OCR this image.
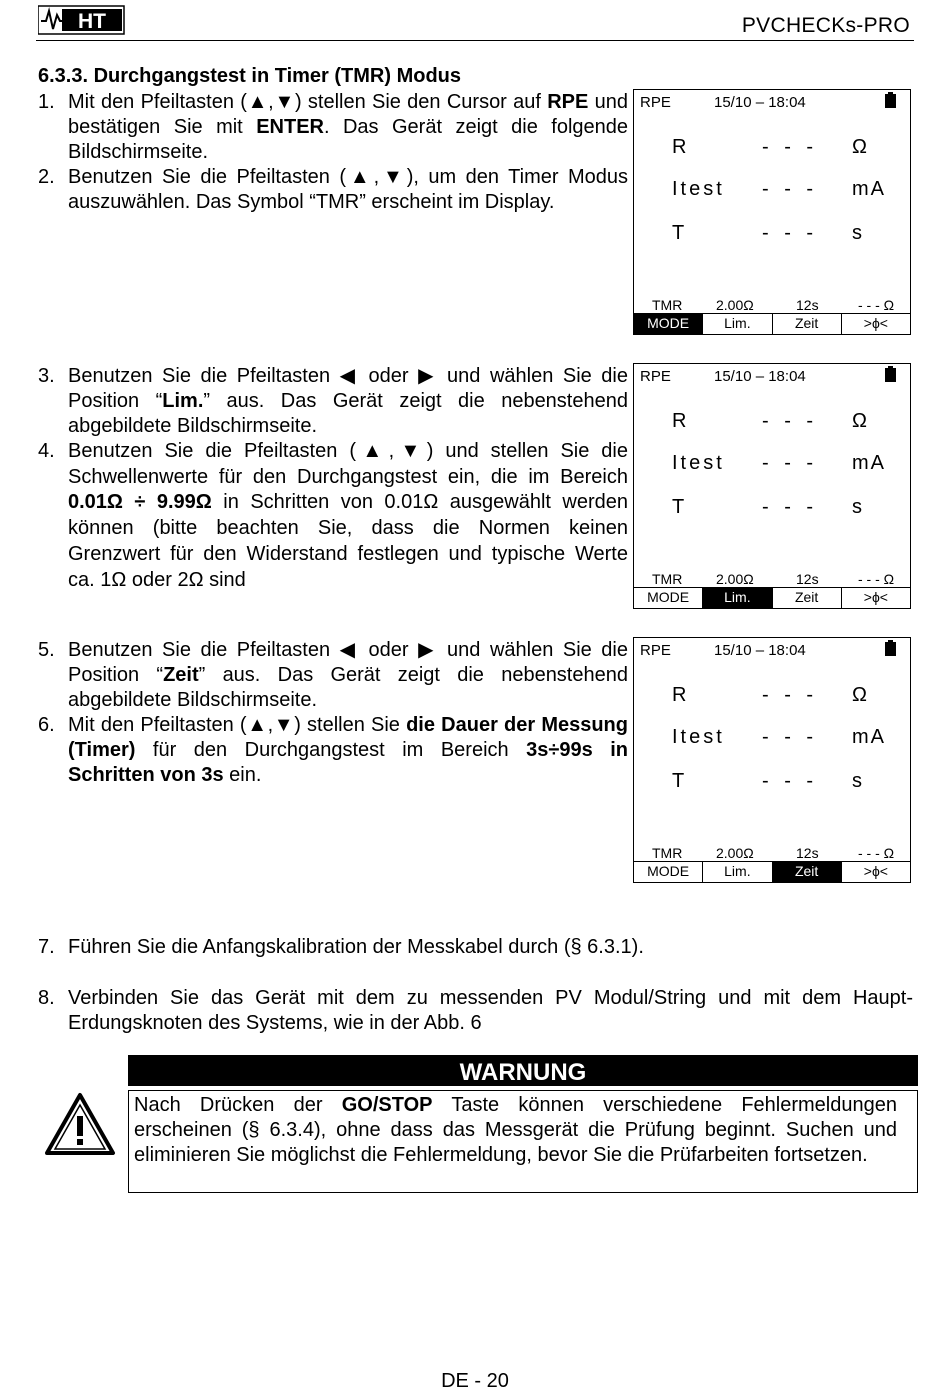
HT	PVCHECKs-PRO
6.3.3. Durchgangstest in Timer (TMR) Modus
1. Mit den Pfeiltasten (▲,▼) stellen Sie den Cursor auf RPE und bestätigen Sie mit ENTER. Das Gerät zeigt die folgende Bildschirmseite.
2. Benutzen Sie die Pfeiltasten (▲,▼), um den Timer Modus auszuwählen. Das Symbol “TMR” erscheint im Display.
3. Benutzen Sie die Pfeiltasten ◀ oder ▶ und wählen Sie die Position “Lim.” aus. Das Gerät zeigt die nebenstehend abgebildete Bildschirmseite.
4. Benutzen Sie die Pfeiltasten (▲,▼) und stellen Sie die Schwellenwerte für den Durchgangstest ein, die im Bereich 0.01Ω ÷ 9.99Ω in Schritten von 0.01Ω ausgewählt werden können (bitte beachten Sie, dass die Normen keinen Grenzwert für den Widerstand festlegen und typische Werte ca. 1Ω oder 2Ω sind
5. Benutzen Sie die Pfeiltasten ◀ oder ▶ und wählen Sie die Position “Zeit” aus. Das Gerät zeigt die nebenstehend abgebildete Bildschirmseite.
6. Mit den Pfeiltasten (▲,▼) stellen Sie die Dauer der Messung (Timer) für den Durchgangstest im Bereich 3s÷99s in Schritten von 3s ein.
7. Führen Sie die Anfangskalibration der Messkabel durch (§ 6.3.1).
8. Verbinden Sie das Gerät mit dem zu messenden PV Modul/String und mit dem Haupt-Erdungsknoten des Systems, wie in der Abb. 6
RPE	15/10 – 18:04
R	- - - Ω
Itest - - - mA
T	- - - s
TMR 2.00Ω	12s	- - - Ω
MODE	Lim.	Zeit	>ϕ<
RPE	15/10 – 18:04
R	- - - Ω
Itest - - - mA
T	- - - s
TMR 2.00Ω	12s	- - - Ω
MODE	Lim.	Zeit	>ϕ<
RPE	15/10 – 18:04
R	- - - Ω
Itest - - - mA
T	- - - s
TMR 2.00Ω	12s	- - - Ω
MODE	Lim.	Zeit	>ϕ<
WARNUNG
Nach Drücken der GO/STOP Taste können verschiedene Fehlermeldungen erscheinen (§ 6.3.4), ohne dass das Messgerät die Prüfung beginnt. Suchen und eliminieren Sie möglichst die Fehlermeldung, bevor Sie die Prüfarbeiten fortsetzen.
DE - 20
